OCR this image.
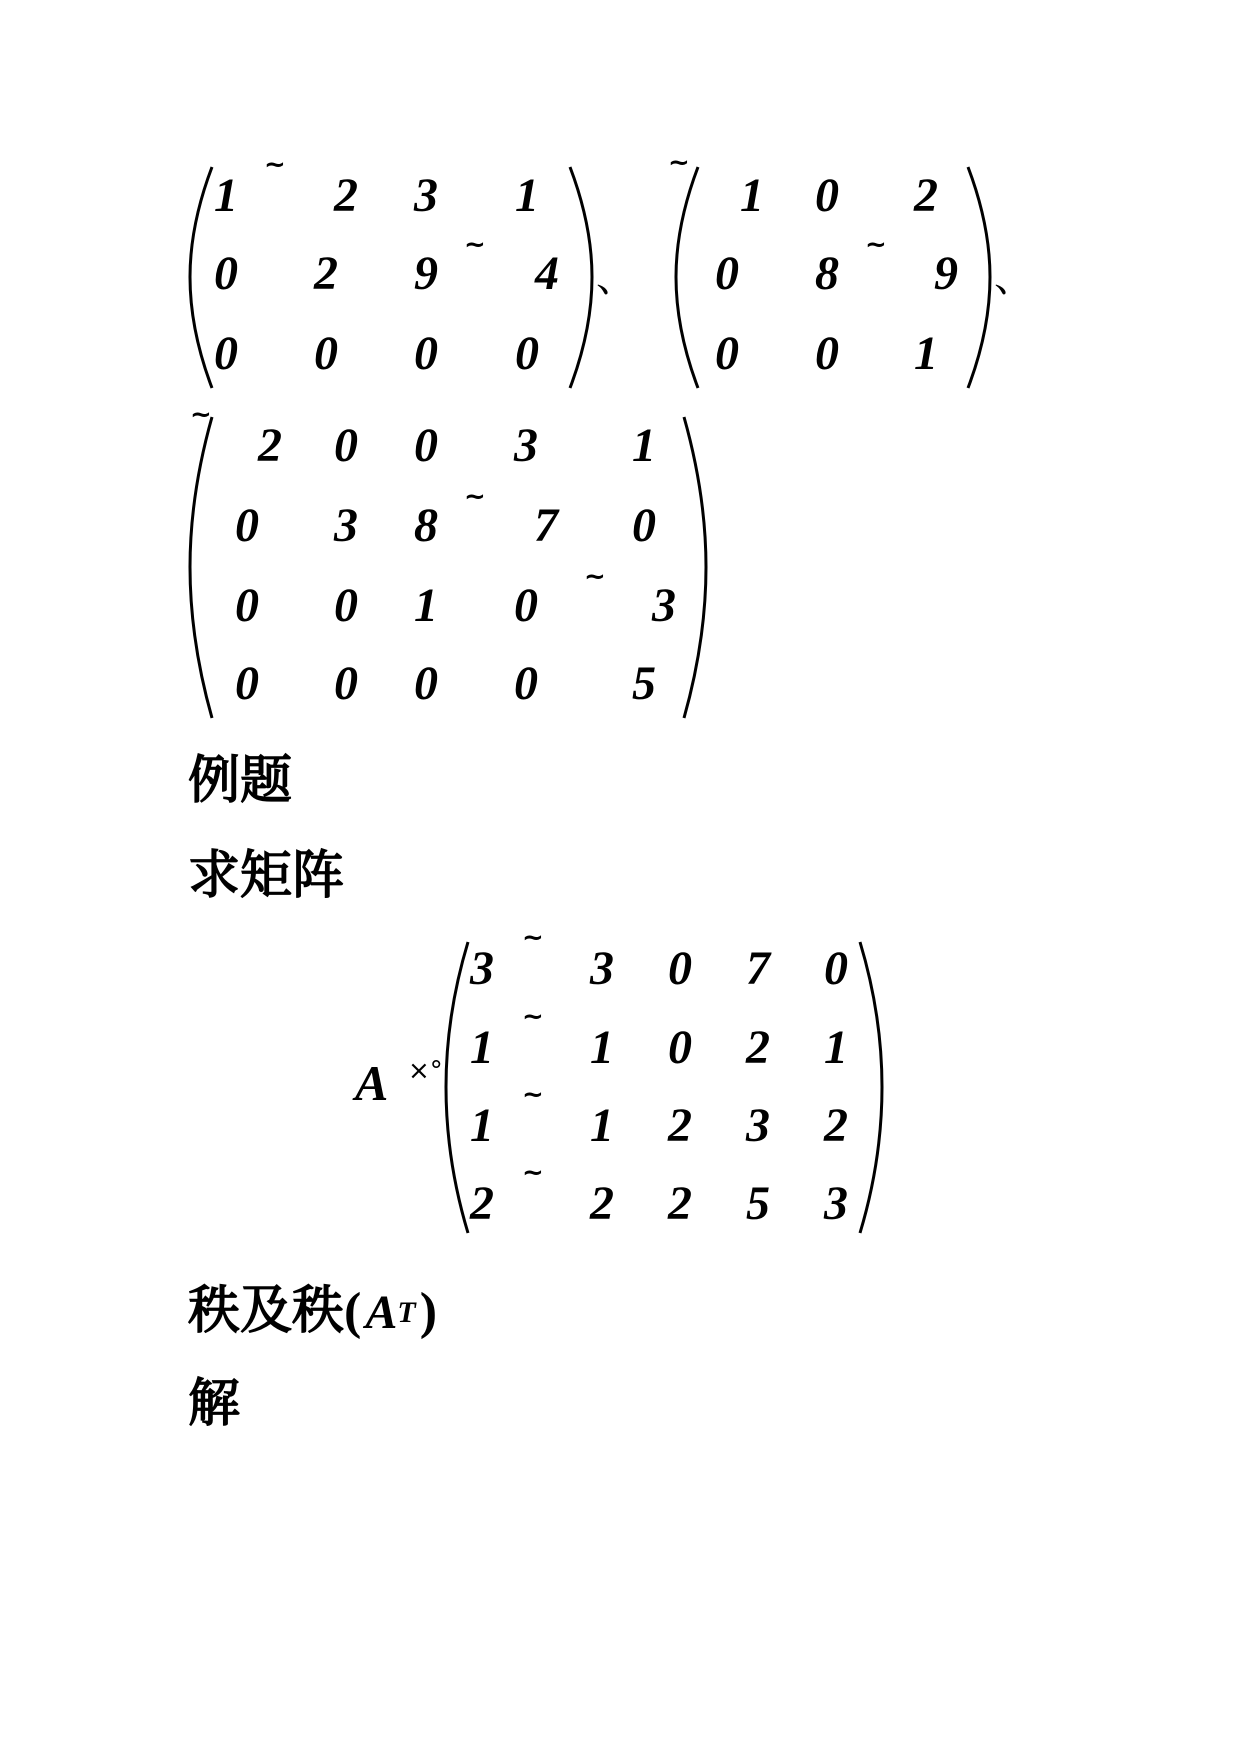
1
~
2 3 1
0 2 9
~
4
0 0 0 0
、
~
1 0 2
0 8
~
9
0 0 1
、
~
2 0 0 3 1
0 3 8
~
7 0
0 0 1 0
~
3
0 0 0 0 5
例题
求矩阵
A ×°
3
~
3 0 7 0
1
~
1 0 2 1
1
~
1 2 3 2
2
~
2 2 5 3
秩 及 秩 ( $A^T$ )
解
